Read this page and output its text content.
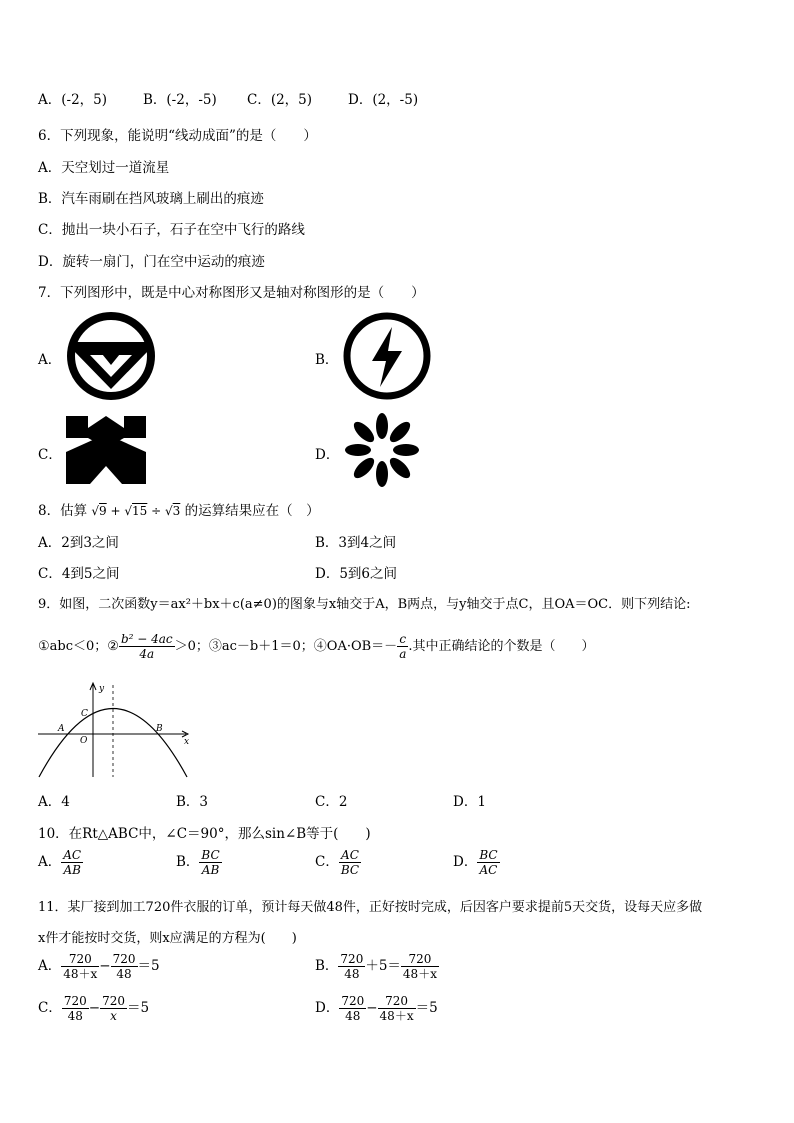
A．(-2，5)	B．(-2，-5) C．(2，5)	D．(2，-5)
6．下列现象，能说明“线动成面”的是（　　）
A．天空划过一道流星
B．汽车雨刷在挡风玻璃上刷出的痕迹
C．抛出一块小石子，石子在空中飞行的路线
D．旋转一扇门，门在空中运动的痕迹
7．下列图形中，既是中心对称图形又是轴对称图形的是（　　）
A．	B．
C．	D．
8．估算 √9 + √15 ÷ √3 的运算结果应在（　）
A．2到3之间	B．3到4之间
C．4到5之间	D．5到6之间
9．如图，二次函数y＝ax²＋bx＋c(a≠0)的图象与x轴交于A，B两点，与y轴交于点C，且OA＝OC．则下列结论:
①abc＜0；② $\frac{\text{b² − 4ac}}{4a} >0$；③ac－b＋1＝0；④OA·OB＝－ $\frac{c}{a}$ .其中正确结论的个数是（　　）
y
x
A	B
C
O
A．4	B．3	C．2	D．1
10．在Rt△ABC中，∠C＝90°，那么sin∠B等于(　　)
A． $\frac{AC}{AB}$	B． $\frac{BC}{AB}$	C． $\frac{AC}{BC}$	D． $\frac{BC}{AC}$
11．某厂接到加工720件衣服的订单，预计每天做48件，正好按时完成，后因客户要求提前5天交货，设每天应多做
x件才能按时交货，则x应满足的方程为(　　)
A． $\frac{720}{48+x} - \frac{720}{48} =5$	B． $\frac{720}{48} +5= \frac{720}{48+x}$
C． $\frac{720}{48} - \frac{720}{x} =5$	D． $\frac{720}{48} - \frac{720}{48+x} =5$
